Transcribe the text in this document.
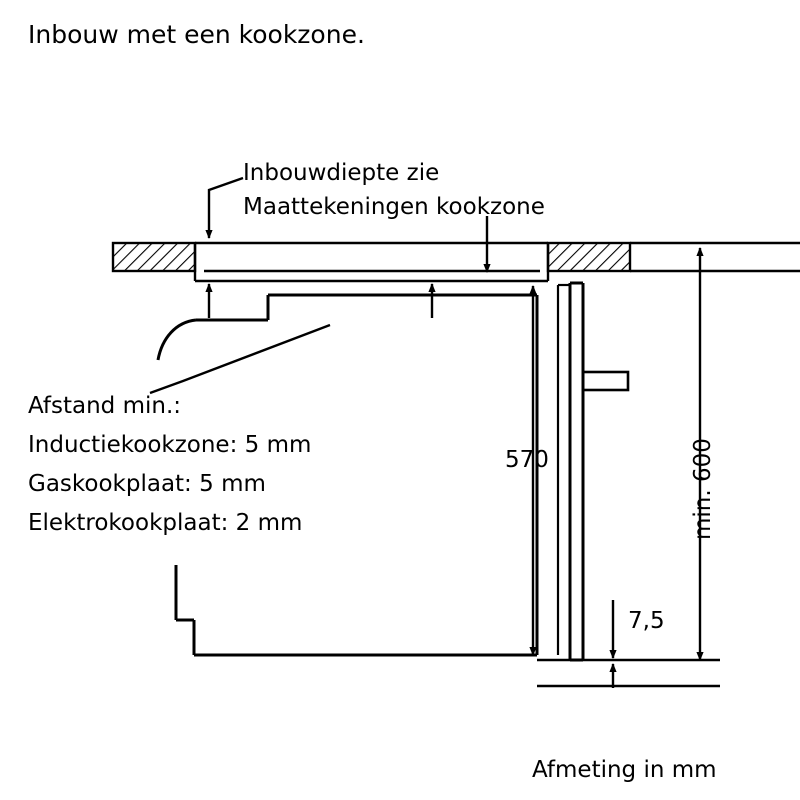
Inbouw met een kookzone.
Inbouwdiepte zie
Maattekeningen kookzone
Afstand min.:
Inductiekookzone: 5 mm
Gaskookplaat: 5 mm
Elektrokookplaat: 2 mm
570
7,5
min. 600
Afmeting in mm
